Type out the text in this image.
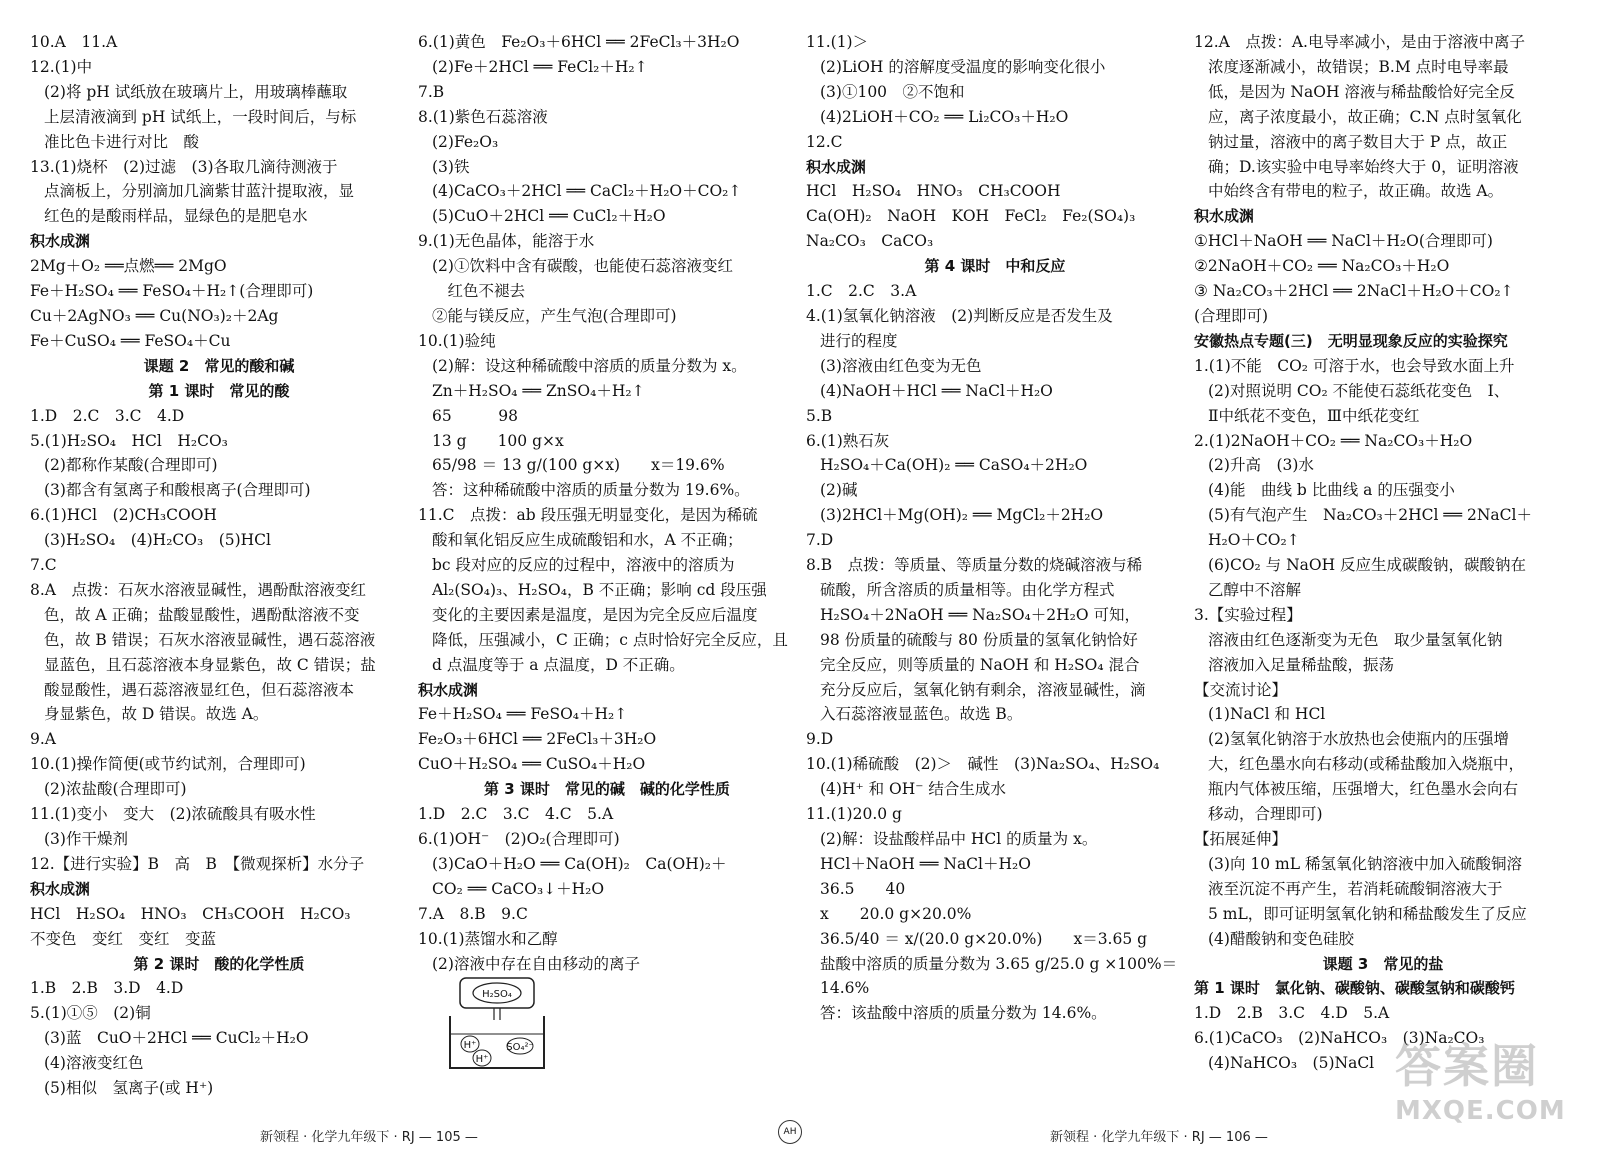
10.A　11.A
12.(1)中
(2)将 pH 试纸放在玻璃片上，用玻璃棒蘸取
上层清液滴到 pH 试纸上，一段时间后，与标
准比色卡进行对比　酸
13.(1)烧杯　(2)过滤　(3)各取几滴待测液于
点滴板上，分别滴加几滴紫甘蓝汁提取液，显
红色的是酸雨样品，显绿色的是肥皂水
积水成渊
2Mg＋O₂ ══点燃══ 2MgO
Fe＋H₂SO₄ ══ FeSO₄＋H₂↑(合理即可)
Cu＋2AgNO₃ ══ Cu(NO₃)₂＋2Ag
Fe＋CuSO₄ ══ FeSO₄＋Cu
课题 2　常见的酸和碱
第 1 课时　常见的酸
1.D　2.C　3.C　4.D
5.(1)H₂SO₄　HCl　H₂CO₃
(2)都称作某酸(合理即可)
(3)都含有氢离子和酸根离子(合理即可)
6.(1)HCl　(2)CH₃COOH
(3)H₂SO₄　(4)H₂CO₃　(5)HCl
7.C
8.A　点拨：石灰水溶液显碱性，遇酚酞溶液变红
色，故 A 正确；盐酸显酸性，遇酚酞溶液不变
色，故 B 错误；石灰水溶液显碱性，遇石蕊溶液
显蓝色，且石蕊溶液本身显紫色，故 C 错误；盐
酸显酸性，遇石蕊溶液显红色，但石蕊溶液本
身显紫色，故 D 错误。故选 A。
9.A
10.(1)操作简便(或节约试剂，合理即可)
(2)浓盐酸(合理即可)
11.(1)变小　变大　(2)浓硫酸具有吸水性
(3)作干燥剂
12.【进行实验】B　高　B　【微观探析】水分子
积水成渊
HCl　H₂SO₄　HNO₃　CH₃COOH　H₂CO₃
不变色　变红　变红　变蓝
第 2 课时　酸的化学性质
1.B　2.B　3.D　4.D
5.(1)①⑤　(2)铜
(3)蓝　CuO＋2HCl ══ CuCl₂＋H₂O
(4)溶液变红色
(5)相似　氢离子(或 H⁺)
6.(1)黄色　Fe₂O₃＋6HCl ══ 2FeCl₃＋3H₂O
(2)Fe＋2HCl ══ FeCl₂＋H₂↑
7.B
8.(1)紫色石蕊溶液
(2)Fe₂O₃
(3)铁
(4)CaCO₃＋2HCl ══ CaCl₂＋H₂O＋CO₂↑
(5)CuO＋2HCl ══ CuCl₂＋H₂O
9.(1)无色晶体，能溶于水
(2)①饮料中含有碳酸，也能使石蕊溶液变红
　红色不褪去
②能与镁反应，产生气泡(合理即可)
10.(1)验纯
(2)解：设这种稀硫酸中溶质的质量分数为 x。
Zn＋H₂SO₄ ══ ZnSO₄＋H₂↑
65　　　98
13 g　　100 g×x
65/98 ＝ 13 g/(100 g×x)　　x＝19.6%
答：这种稀硫酸中溶质的质量分数为 19.6%。
11.C　点拨：ab 段压强无明显变化，是因为稀硫
酸和氧化铝反应生成硫酸铝和水，A 不正确；
bc 段对应的反应的过程中，溶液中的溶质为
Al₂(SO₄)₃、H₂SO₄，B 不正确；影响 cd 段压强
变化的主要因素是温度，是因为完全反应后温度
降低，压强减小，C 正确；c 点时恰好完全反应，且
d 点温度等于 a 点温度，D 不正确。
积水成渊
Fe＋H₂SO₄ ══ FeSO₄＋H₂↑
Fe₂O₃＋6HCl ══ 2FeCl₃＋3H₂O
CuO＋H₂SO₄ ══ CuSO₄＋H₂O
第 3 课时　常见的碱　碱的化学性质
1.D　2.C　3.C　4.C　5.A
6.(1)OH⁻　(2)O₂(合理即可)
(3)CaO＋H₂O ══ Ca(OH)₂　Ca(OH)₂＋
CO₂ ══ CaCO₃↓＋H₂O
7.A　8.B　9.C
10.(1)蒸馏水和乙醇
(2)溶液中存在自由移动的离子
H₂SO₄
H⁺
H⁺
SO₄²⁻
11.(1)＞
(2)LiOH 的溶解度受温度的影响变化很小
(3)①100　②不饱和
(4)2LiOH＋CO₂ ══ Li₂CO₃＋H₂O
12.C
积水成渊
HCl　H₂SO₄　HNO₃　CH₃COOH
Ca(OH)₂　NaOH　KOH　FeCl₂　Fe₂(SO₄)₃
Na₂CO₃　CaCO₃
第 4 课时　中和反应
1.C　2.C　3.A
4.(1)氢氧化钠溶液　(2)判断反应是否发生及
进行的程度
(3)溶液由红色变为无色
(4)NaOH＋HCl ══ NaCl＋H₂O
5.B
6.(1)熟石灰
H₂SO₄＋Ca(OH)₂ ══ CaSO₄＋2H₂O
(2)碱
(3)2HCl＋Mg(OH)₂ ══ MgCl₂＋2H₂O
7.D
8.B　点拨：等质量、等质量分数的烧碱溶液与稀
硫酸，所含溶质的质量相等。由化学方程式
H₂SO₄＋2NaOH ══ Na₂SO₄＋2H₂O 可知，
98 份质量的硫酸与 80 份质量的氢氧化钠恰好
完全反应，则等质量的 NaOH 和 H₂SO₄ 混合
充分反应后，氢氧化钠有剩余，溶液显碱性，滴
入石蕊溶液显蓝色。故选 B。
9.D
10.(1)稀硫酸　(2)＞　碱性　(3)Na₂SO₄、H₂SO₄
(4)H⁺ 和 OH⁻ 结合生成水
11.(1)20.0 g
(2)解：设盐酸样品中 HCl 的质量为 x。
HCl＋NaOH ══ NaCl＋H₂O
36.5　　40
x　　20.0 g×20.0%
36.5/40 ＝ x/(20.0 g×20.0%)　　x＝3.65 g
盐酸中溶质的质量分数为 3.65 g/25.0 g ×100%＝
14.6%
答：该盐酸中溶质的质量分数为 14.6%。
12.A　点拨：A.电导率减小，是由于溶液中离子
浓度逐渐减小，故错误；B.M 点时电导率最
低，是因为 NaOH 溶液与稀盐酸恰好完全反
应，离子浓度最小，故正确；C.N 点时氢氧化
钠过量，溶液中的离子数目大于 P 点，故正
确；D.该实验中电导率始终大于 0，证明溶液
中始终含有带电的粒子，故正确。故选 A。
积水成渊
①HCl＋NaOH ══ NaCl＋H₂O(合理即可)
②2NaOH＋CO₂ ══ Na₂CO₃＋H₂O
③ Na₂CO₃＋2HCl ══ 2NaCl＋H₂O＋CO₂↑
(合理即可)
安徽热点专题(三)　无明显现象反应的实验探究
1.(1)不能　CO₂ 可溶于水，也会导致水面上升
(2)对照说明 CO₂ 不能使石蕊纸花变色　Ⅰ、
Ⅱ中纸花不变色，Ⅲ中纸花变红
2.(1)2NaOH＋CO₂ ══ Na₂CO₃＋H₂O
(2)升高　(3)水
(4)能　曲线 b 比曲线 a 的压强变小
(5)有气泡产生　Na₂CO₃＋2HCl ══ 2NaCl＋
H₂O＋CO₂↑
(6)CO₂ 与 NaOH 反应生成碳酸钠，碳酸钠在
乙醇中不溶解
3.【实验过程】
溶液由红色逐渐变为无色　取少量氢氧化钠
溶液加入足量稀盐酸，振荡
【交流讨论】
(1)NaCl 和 HCl
(2)氢氧化钠溶于水放热也会使瓶内的压强增
大，红色墨水向右移动(或稀盐酸加入烧瓶中，
瓶内气体被压缩，压强增大，红色墨水会向右
移动，合理即可)
【拓展延伸】
(3)向 10 mL 稀氢氧化钠溶液中加入硫酸铜溶
液至沉淀不再产生，若消耗硫酸铜溶液大于
5 mL，即可证明氢氧化钠和稀盐酸发生了反应
(4)醋酸钠和变色硅胶
课题 3　常见的盐
第 1 课时　氯化钠、碳酸钠、碳酸氢钠和碳酸钙
1.D　2.B　3.C　4.D　5.A
6.(1)CaCO₃　(2)NaHCO₃　(3)Na₂CO₃
(4)NaHCO₃　(5)NaCl
新领程 · 化学九年级下 · RJ — 105 —	AH	新领程 · 化学九年级下 · RJ — 106 —
答案圈
MXQE.COM
